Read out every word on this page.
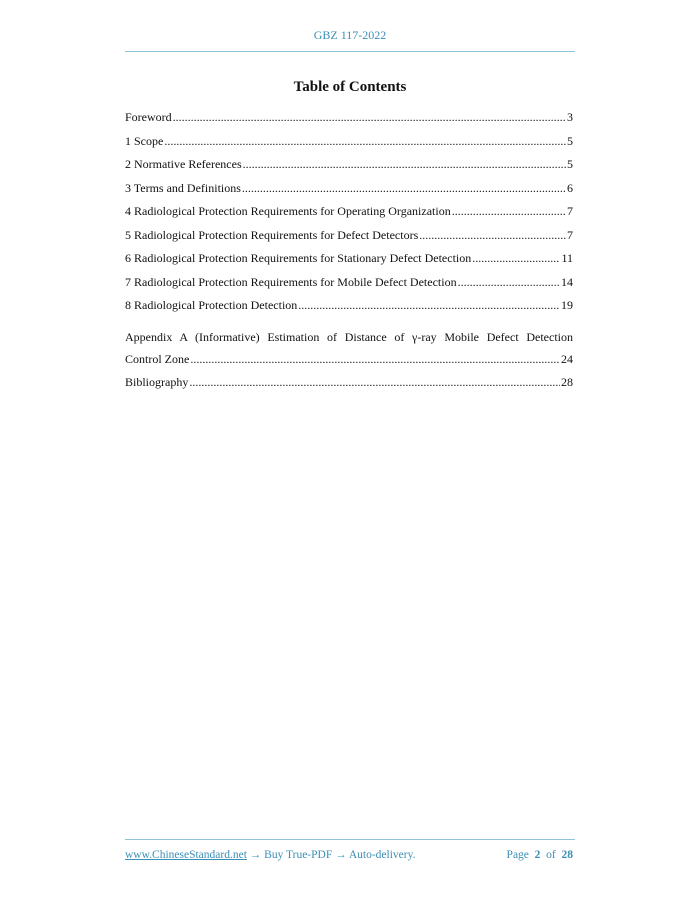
GBZ 117-2022
Table of Contents
Foreword .....	3
1 Scope .....	5
2 Normative References .....	5
3 Terms and Definitions .....	6
4 Radiological Protection Requirements for Operating Organization .....	7
5 Radiological Protection Requirements for Defect Detectors .....	7
6 Radiological Protection Requirements for Stationary Defect Detection .....	11
7 Radiological Protection Requirements for Mobile Defect Detection .....	14
8 Radiological Protection Detection .....	19
Appendix A (Informative) Estimation of Distance of γ-ray Mobile Defect Detection
Control Zone .....	24
Bibliography .....	28
www.ChineseStandard.net → Buy True-PDF → Auto-delivery.	Page 2 of 28
